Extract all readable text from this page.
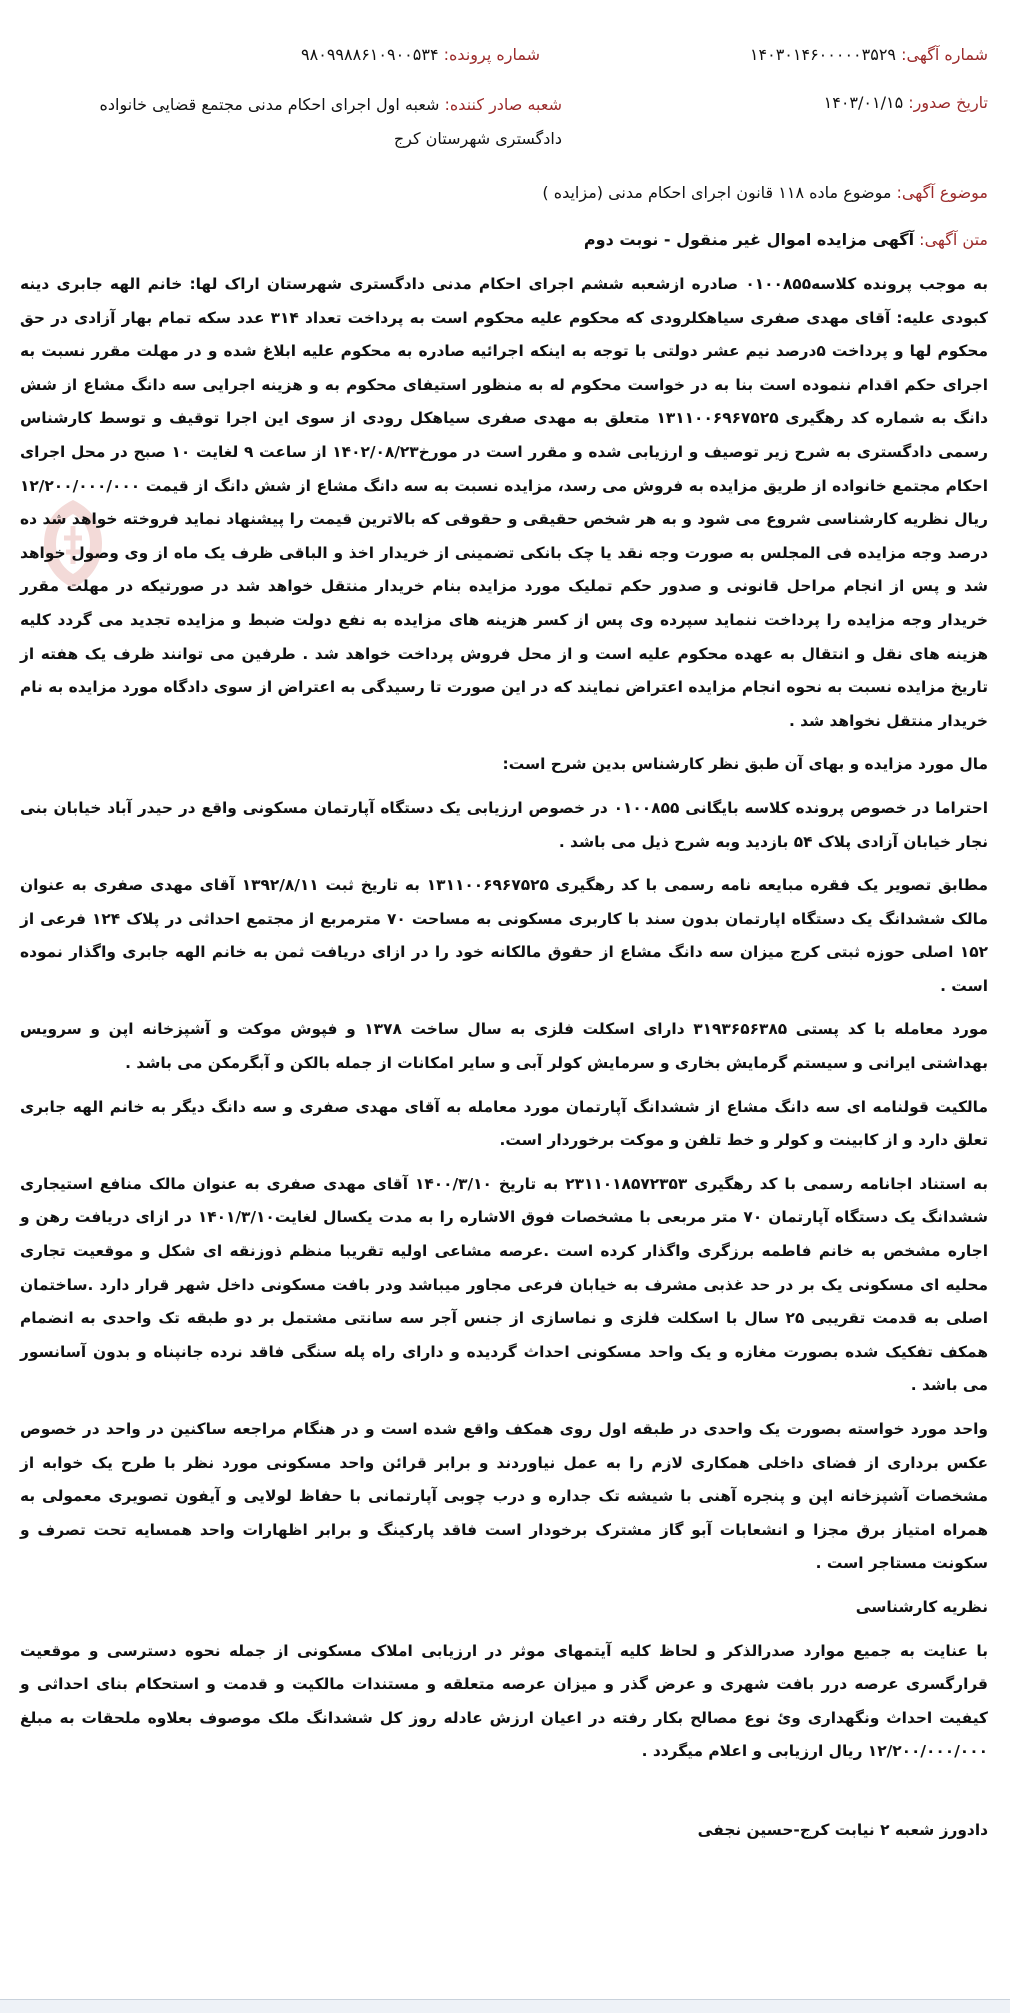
شماره آگهی: ۱۴۰۳۰۱۴۶۰۰۰۰۰۳۵۲۹
شماره پرونده: ۹۸۰۹۹۸۸۶۱۰۹۰۰۵۳۴
تاریخ صدور: ۱۴۰۳/۰۱/۱۵
شعبه صادر کننده: شعبه اول اجرای احکام مدنی مجتمع قضایی خانواده دادگستری شهرستان کرج
موضوع آگهی: موضوع ماده ۱۱۸ قانون اجرای احکام مدنی (مزایده )
متن آگهی: آگهی مزایده اموال غیر منقول - نوبت دوم

به موجب پرونده کلاسه۰۱۰۰۸۵۵ صادره ازشعبه ششم اجرای احکام مدنی دادگستری شهرستان اراک لها: خانم الهه جابری دینه کبودی علیه: آقای مهدی صفری سیاهکلرودی که محکوم علیه محکوم است به پرداخت تعداد ۳۱۴ عدد سکه تمام بهار آزادی در حق محکوم لها و پرداخت ۵درصد نیم عشر دولتی با توجه به اینکه اجرائیه صادره به محکوم علیه ابلاغ شده و در مهلت مقرر نسبت به اجرای حکم اقدام ننموده است بنا به در خواست محکوم له به منظور استیفای محکوم به و هزینه اجرایی سه دانگ مشاع از شش دانگ به شماره کد رهگیری ۱۳۱۱۰۰۶۹۶۷۵۲۵ متعلق به مهدی صفری سیاهکل رودی از سوی این اجرا توقیف و توسط کارشناس رسمی دادگستری به شرح زیر توصیف و ارزیابی شده و مقرر است در مورخ۱۴۰۲/۰۸/۲۳ از ساعت ۹ لغایت ۱۰ صبح در محل اجرای احکام مجتمع خانواده از طریق مزایده به فروش می رسد، مزایده نسبت به سه دانگ مشاع از شش دانگ از قیمت ۱۲/۲۰۰/۰۰۰/۰۰۰ ریال نظریه کارشناسی شروع می شود و به هر شخص حقیقی و حقوقی که بالاترین قیمت را پیشنهاد نماید فروخته خواهد شد ده درصد وجه مزایده فی المجلس به صورت وجه نقد یا چک بانکی تضمینی از خریدار اخذ و الباقی ظرف یک ماه از وی وصول خواهد شد و پس از انجام مراحل قانونی و صدور حکم تملیک مورد مزایده بنام خریدار منتقل خواهد شد در صورتیکه در مهلت مقرر خریدار وجه مزایده را پرداخت ننماید سپرده وی پس از کسر هزینه های مزایده به نفع دولت ضبط و مزایده تجدید می گردد کلیه هزینه های نقل و انتقال به عهده محکوم علیه است و از محل فروش پرداخت خواهد شد . طرفین می توانند ظرف یک هفته از تاریخ مزایده نسبت به نحوه انجام مزایده اعتراض نمایند که در این صورت تا رسیدگی به اعتراض از سوی دادگاه مورد مزایده به نام خریدار منتقل نخواهد شد .

مال مورد مزایده و بهای آن طبق نظر کارشناس بدین شرح است:

احتراما در خصوص پرونده کلاسه بایگانی ۰۱۰۰۸۵۵ در خصوص ارزیابی یک دستگاه آپارتمان مسکونی واقع در حیدر آباد خیابان بنی نجار خیابان آزادی پلاک ۵۴ بازدید وبه شرح ذیل می باشد .

مطابق تصویر یک فقره مبایعه نامه رسمی با کد رهگیری ۱۳۱۱۰۰۶۹۶۷۵۲۵ به تاریخ ثبت ۱۳۹۲/۸/۱۱ آقای مهدی صفری به عنوان مالک ششدانگ یک دستگاه اپارتمان بدون سند با کاربری مسکونی به مساحت ۷۰ مترمربع از مجتمع احداثی در پلاک ۱۲۴ فرعی از ۱۵۲ اصلی حوزه ثبتی کرج میزان سه دانگ مشاع از حقوق مالکانه خود را در ازای دریافت ثمن به خانم الهه جابری واگذار نموده است .

مورد معامله با کد پستی ۳۱۹۳۶۵۶۳۸۵ دارای اسکلت فلزی به سال ساخت ۱۳۷۸ و فپوش موکت و آشپزخانه اپن و سرویس بهداشتی ایرانی و سیستم گرمایش بخاری و سرمایش کولر آبی و سایر امکانات از جمله بالکن و آبگرمکن می باشد .

مالکیت قولنامه ای سه دانگ مشاع از ششدانگ آپارتمان مورد معامله به آقای مهدی صفری و سه دانگ دیگر به خانم الهه جابری تعلق دارد و از کابینت و کولر و خط تلفن و موکت برخوردار است.

به استناد اجانامه رسمی با کد رهگیری ۲۳۱۱۰۱۸۵۷۲۳۵۳ به تاریخ ۱۴۰۰/۳/۱۰ آقای مهدی صفری به عنوان مالک منافع استیجاری ششدانگ یک دستگاه آپارتمان ۷۰ متر مربعی با مشخصات فوق الاشاره را به مدت یکسال لغایت۱۴۰۱/۳/۱۰ در ازای دریافت رهن و اجاره مشخص به خانم فاطمه برزگری واگذار کرده است .عرصه مشاعی اولیه تقریبا منظم ذوزنقه ای شکل و موقعیت تجاری محلیه ای مسکونی یک بر در حد غذبی مشرف به خیابان فرعی مجاور میباشد ودر بافت مسکونی داخل شهر قرار دارد .ساختمان اصلی به قدمت تقریبی ۲۵ سال با اسکلت فلزی و نماسازی از جنس آجر سه سانتی مشتمل بر دو طبقه تک واحدی به انضمام همکف تفکیک شده بصورت مغازه و یک واحد مسکونی احداث گردیده و دارای راه پله سنگی فاقد نرده جانپناه و بدون آسانسور می باشد .

واحد مورد خواسته بصورت یک واحدی در طبقه اول روی همکف واقع شده است و در هنگام مراجعه ساکنین در واحد در خصوص عکس برداری از فضای داخلی همکاری لازم را به عمل نیاوردند و برابر قرائن واحد مسکونی مورد نظر با طرح یک خوابه از مشخصات آشپزخانه اپن و پنجره آهنی با شیشه تک جداره و درب چوبی آپارتمانی با حفاظ لولایی و آیفون تصویری معمولی به همراه امتیاز برق مجزا و انشعابات آبو گاز مشترک برخودار است فاقد پارکینگ و برابر اظهارات واحد همسایه تحت تصرف و سکونت مستاجر است .

نظریه کارشناسی

با عنایت به جمیع موارد صدرالذکر و لحاظ کلیه آیتمهای موثر در ارزیابی املاک مسکونی از جمله نحوه دسترسی و موقعیت قرارگسری عرصه درر بافت شهری و عرض گذر و میزان عرصه متعلقه و مستندات مالکیت و قدمت و استحکام بنای احداثی و کیفیت احداث ونگهداری وئ نوع مصالح بکار رفته در اعیان ارزش عادله روز کل ششدانگ ملک موصوف بعلاوه ملحقات به مبلغ ۱۲/۲۰۰/۰۰۰/۰۰۰ ریال ارزیابی و اعلام میگردد .

دادورز شعبه ۲ نیابت کرج-حسین نجفی
